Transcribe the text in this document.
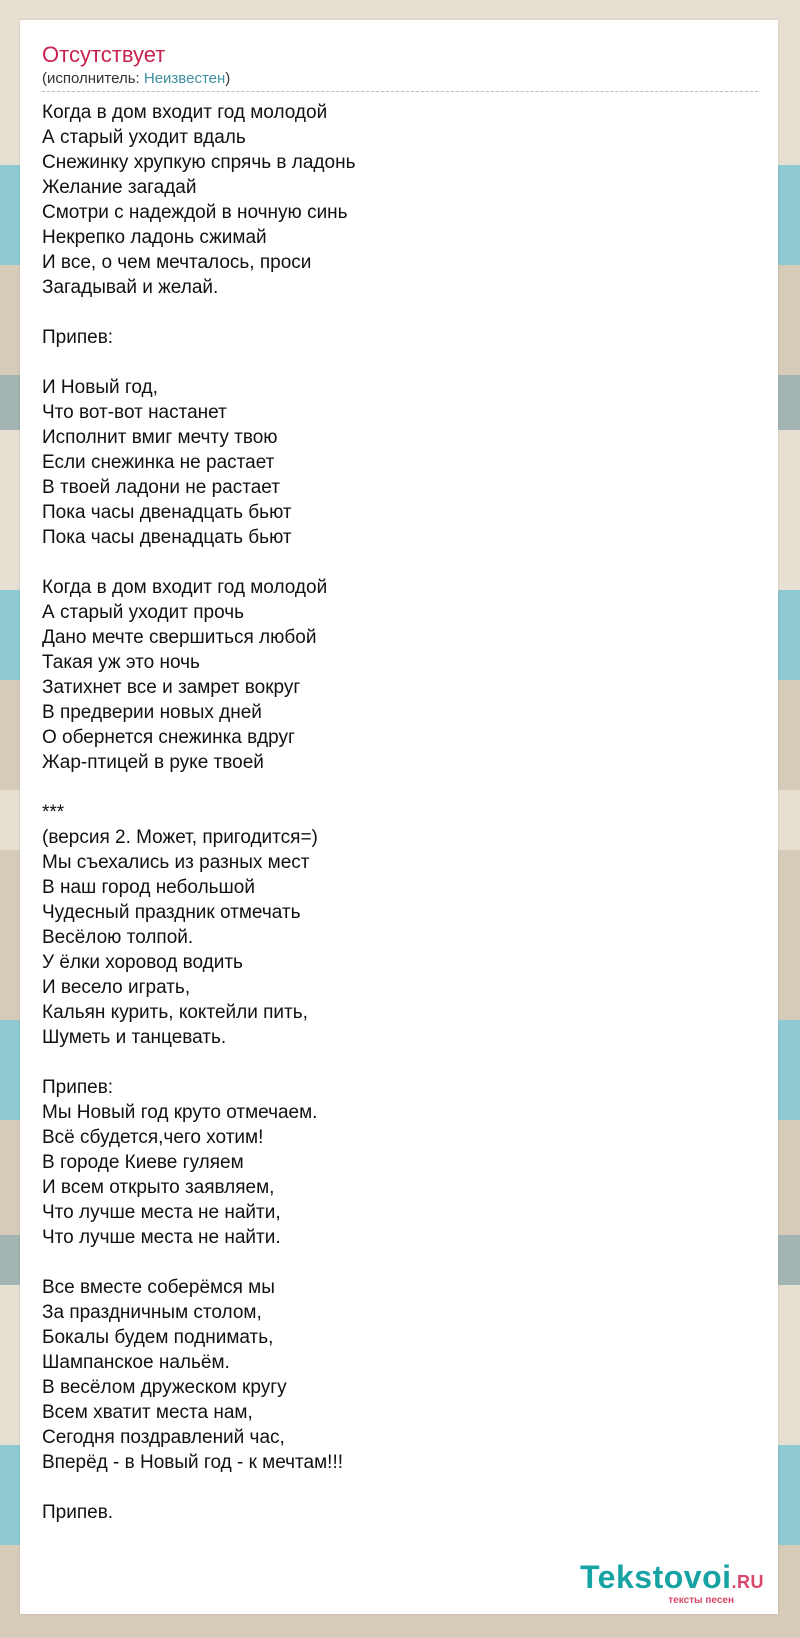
Отсутствует
(исполнитель: Неизвестен)
Когда в дом входит год молодой
А старый уходит вдаль
Снежинку хрупкую спрячь в ладонь
Желание загадай
Смотри с надеждой в ночную синь
Некрепко ладонь сжимай
И все, о чем мечталось, проси
Загадывай и желай.
Припев:
И Новый год,
Что вот-вот настанет
Исполнит вмиг мечту твою
Если снежинка не растает
В твоей ладони не растает
Пока часы двенадцать бьют
Пока часы двенадцать бьют
Когда в дом входит год молодой
А старый уходит прочь
Дано мечте свершиться любой
Такая уж это ночь
Затихнет все и замрет вокруг
В предверии новых дней
О обернется снежинка вдруг
Жар-птицей в руке твоей
***
(версия 2. Может, пригодится=)
Мы съехались из разных мест
В наш город небольшой
Чудесный праздник отмечать
Весёлою толпой.
У ёлки хоровод водить
И весело играть,
Кальян курить, коктейли пить,
Шуметь и танцевать.
Припев:
Мы Новый год круто отмечаем.
Всё сбудется,чего хотим!
В городе Киеве гуляем
И всем открыто заявляем,
Что лучше места не найти,
Что лучше места не найти.
Все вместе соберёмся мы
За праздничным столом,
Бокалы будем поднимать,
Шампанское нальём.
В весёлом дружеском кругу
Всем хватит места нам,
Сегодня поздравлений час,
Вперёд - в Новый год - к мечтам!!!
Припев.
Tekstovoi.RU
тексты песен
